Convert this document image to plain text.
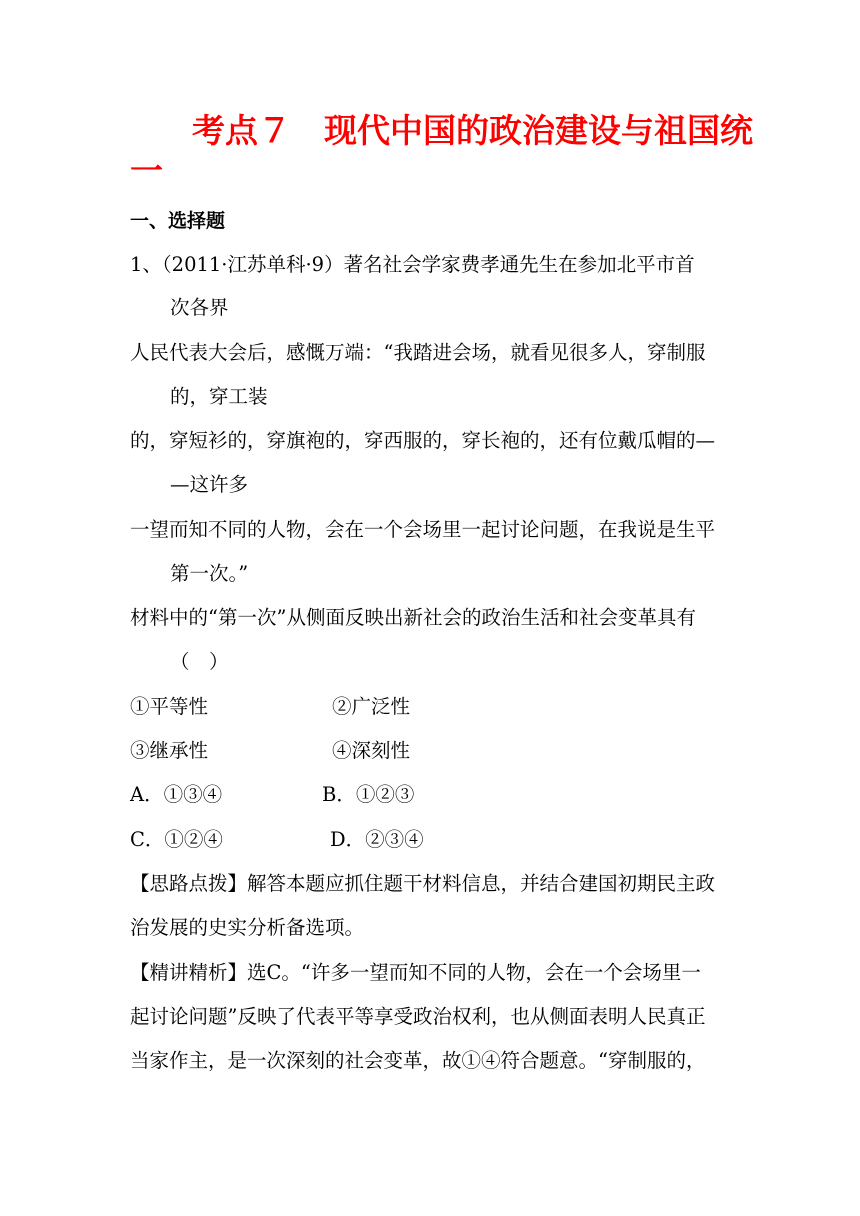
考点７　现代中国的政治建设与祖国统
一
一、选择题
1、（2011·江苏单科·9）著名社会学家费孝通先生在参加北平市首
次各界
人民代表大会后，感慨万端：“我踏进会场，就看见很多人，穿制服
的，穿工装
的，穿短衫的，穿旗袍的，穿西服的，穿长袍的，还有位戴瓜帽的—
—这许多
一望而知不同的人物，会在一个会场里一起讨论问题，在我说是生平
第一次。”
材料中的“第一次”从侧面反映出新社会的政治生活和社会变革具有
（　）
①平等性	②广泛性
③继承性	④深刻性
A．①③④	B．①②③
C．①②④	D．②③④
【思路点拨】解答本题应抓住题干材料信息，并结合建国初期民主政
治发展的史实分析备选项。
【精讲精析】选C。“许多一望而知不同的人物，会在一个会场里一
起讨论问题”反映了代表平等享受政治权利，也从侧面表明人民真正
当家作主，是一次深刻的社会变革，故①④符合题意。“穿制服的，
